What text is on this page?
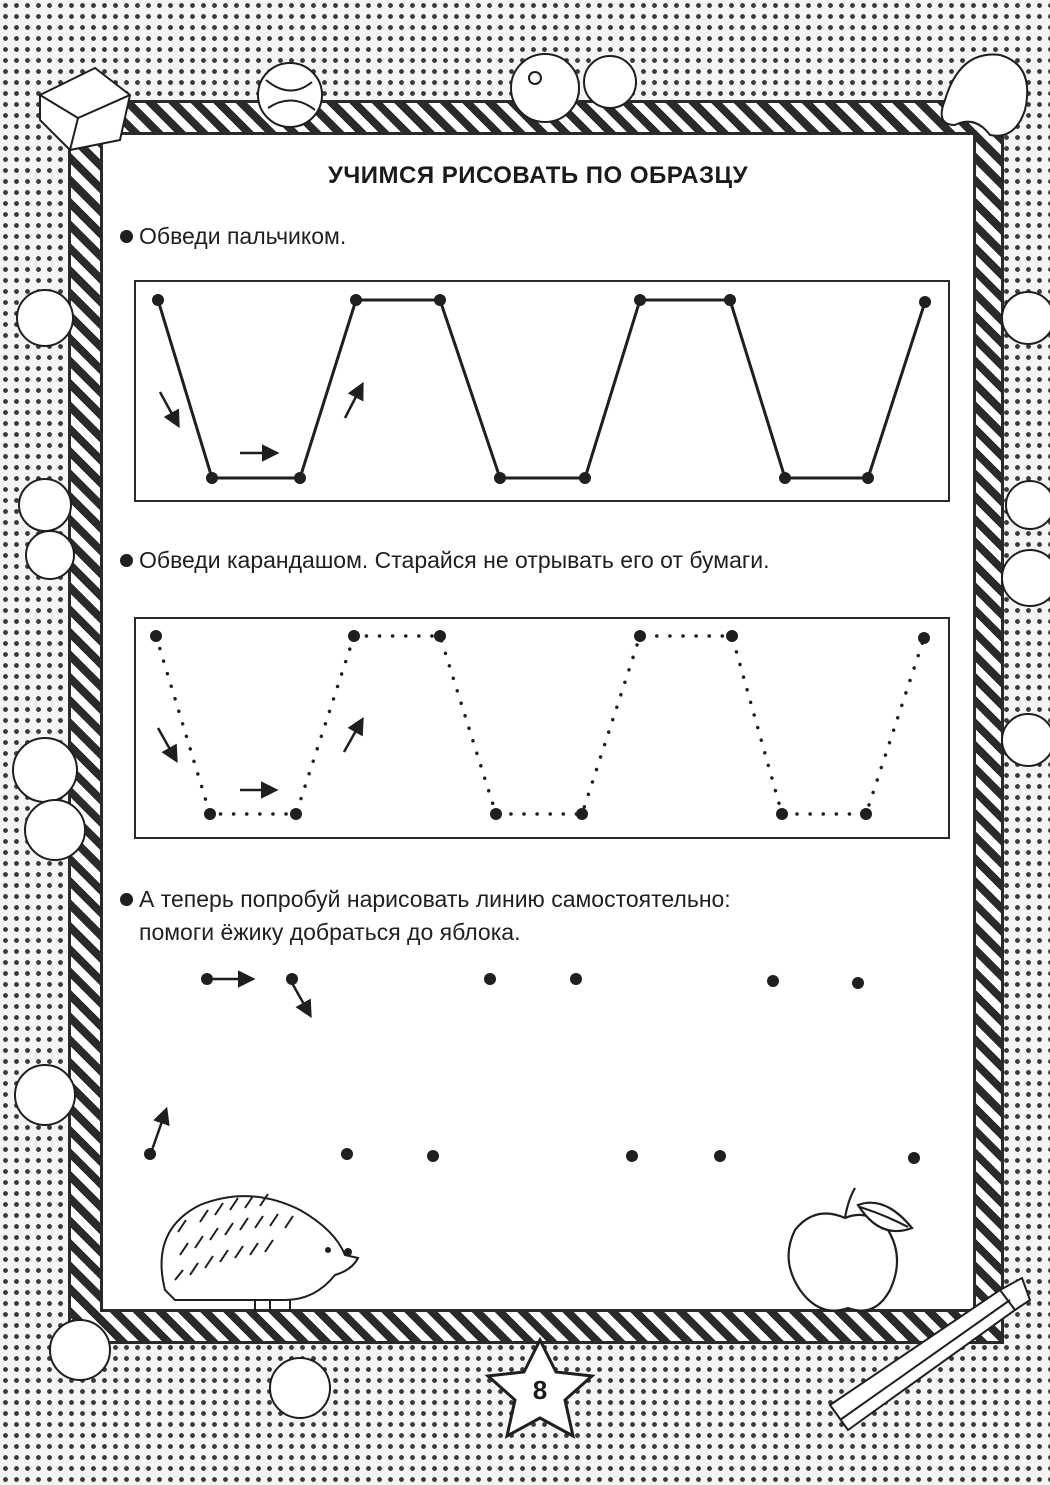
УЧИМСЯ РИСОВАТЬ ПО ОБРАЗЦУ
Обведи пальчиком.
Обведи карандашом. Старайся не отрывать его от бумаги.
А теперь попробуй нарисовать линию самостоятельно:
помоги ёжику добраться до яблока.
8
